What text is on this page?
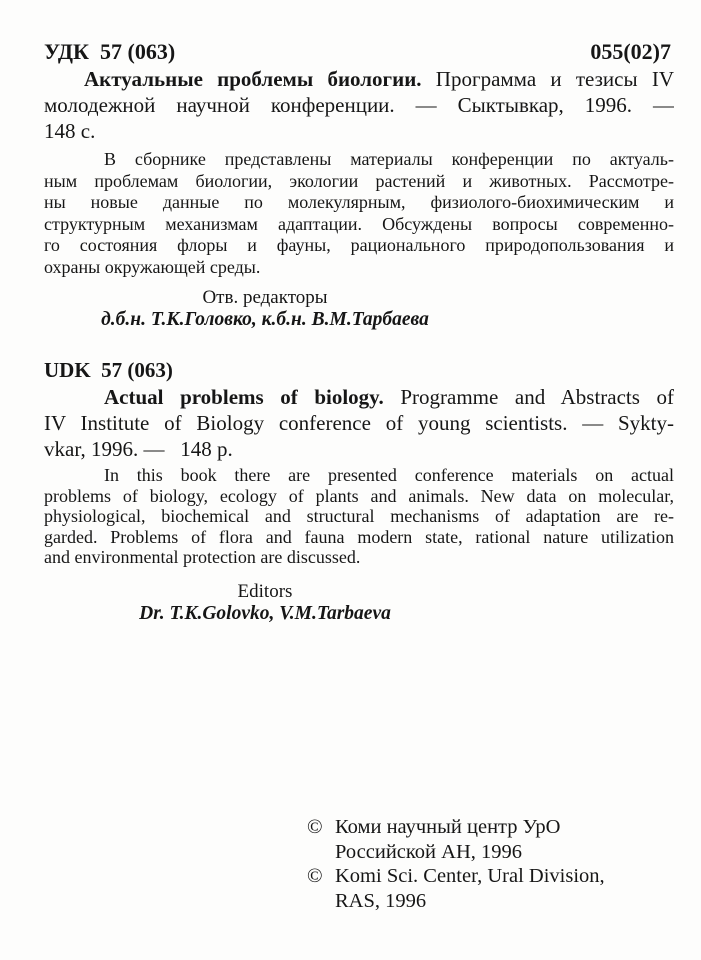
УДК  57 (063)	055(02)7
Актуальные проблемы биологии. Программа и тезисы IV
молодежной научной конференции. — Сыктывкар, 1996. —
148 с.
В сборнике представлены материалы конференции по актуаль-
ным проблемам биологии, экологии растений и животных. Рассмотре-
ны новые данные по молекулярным, физиолого-биохимическим и
структурным механизмам адаптации. Обсуждены вопросы современно-
го состояния флоры и фауны, рационального природопользования и
охраны окружающей среды.
Отв. редакторы
д.б.н. Т.К.Головко, к.б.н. В.М.Тарбаева
UDK  57 (063)
Actual problems of biology. Programme and Abstracts of
IV Institute of Biology conference of young scientists. — Sykty-
vkar, 1996. —   148 p.
In this book there are presented conference materials on actual
problems of biology, ecology of plants and animals. New data on molecular,
physiological, biochemical and structural mechanisms of adaptation are re-
garded. Problems of flora and fauna modern state, rational nature utilization
and environmental protection are discussed.
Editors
Dr. T.K.Golovko, V.M.Tarbaeva
© Коми научный центр УрО
Российской АН, 1996
© Komi Sci. Center, Ural Division,
RAS, 1996
